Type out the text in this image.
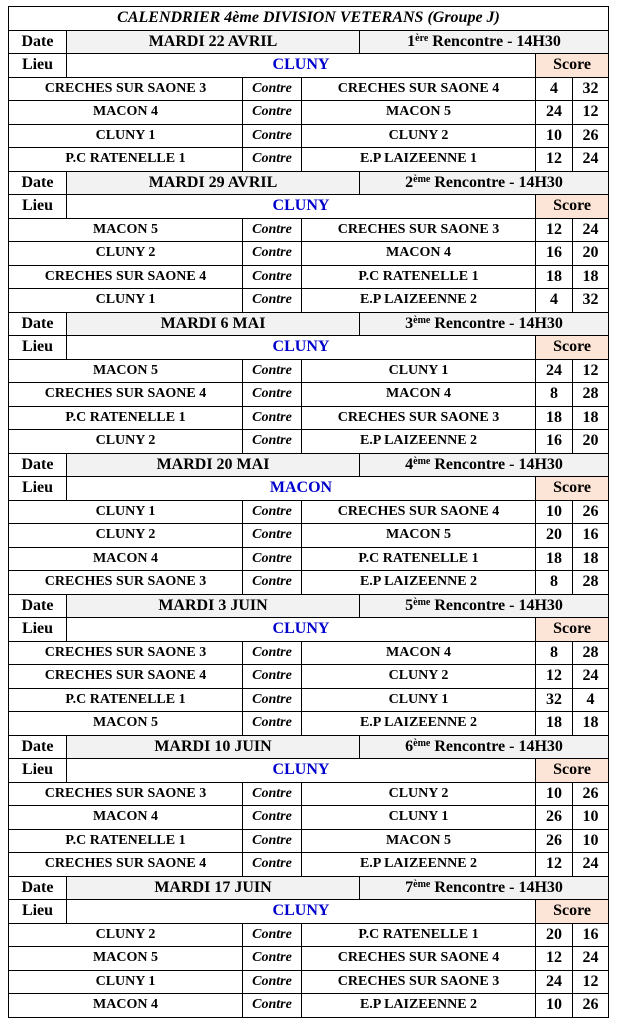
CALENDRIER 4ème DIVISION VETERANS (Groupe J)						
Date	MARDI 22 AVRIL			1ère Rencontre - 14H30		
Lieu	CLUNY				Score	
CRECHES SUR SAONE 3		Contre	CRECHES SUR SAONE 4		4	32
MACON 4		Contre	MACON 5		24	12
CLUNY 1		Contre	CLUNY 2		10	26
P.C RATENELLE 1		Contre	E.P LAIZEENNE 1		12	24
Date	MARDI 29 AVRIL			2ème Rencontre - 14H30		
Lieu	CLUNY				Score	
MACON 5		Contre	CRECHES SUR SAONE 3		12	24
CLUNY 2		Contre	MACON 4		16	20
CRECHES SUR SAONE 4		Contre	P.C RATENELLE 1		18	18
CLUNY 1		Contre	E.P LAIZEENNE 2		4	32
Date	MARDI 6 MAI			3ème Rencontre - 14H30		
Lieu	CLUNY				Score	
MACON 5		Contre	CLUNY 1		24	12
CRECHES SUR SAONE 4		Contre	MACON 4		8	28
P.C RATENELLE 1		Contre	CRECHES SUR SAONE 3		18	18
CLUNY 2		Contre	E.P LAIZEENNE 2		16	20
Date	MARDI 20 MAI			4ème Rencontre - 14H30		
Lieu	MACON				Score	
CLUNY 1		Contre	CRECHES SUR SAONE 4		10	26
CLUNY 2		Contre	MACON 5		20	16
MACON 4		Contre	P.C RATENELLE 1		18	18
CRECHES SUR SAONE 3		Contre	E.P LAIZEENNE 2		8	28
Date	MARDI 3 JUIN			5ème Rencontre - 14H30		
Lieu	CLUNY				Score	
CRECHES SUR SAONE 3		Contre	MACON 4		8	28
CRECHES SUR SAONE 4		Contre	CLUNY 2		12	24
P.C RATENELLE 1		Contre	CLUNY 1		32	4
MACON 5		Contre	E.P LAIZEENNE 2		18	18
Date	MARDI 10 JUIN			6ème Rencontre - 14H30		
Lieu	CLUNY				Score	
CRECHES SUR SAONE 3		Contre	CLUNY 2		10	26
MACON 4		Contre	CLUNY 1		26	10
P.C RATENELLE 1		Contre	MACON 5		26	10
CRECHES SUR SAONE 4		Contre	E.P LAIZEENNE 2		12	24
Date	MARDI 17 JUIN			7ème Rencontre - 14H30		
Lieu	CLUNY				Score	
CLUNY 2		Contre	P.C RATENELLE 1		20	16
MACON 5		Contre	CRECHES SUR SAONE 4		12	24
CLUNY 1		Contre	CRECHES SUR SAONE 3		24	12
MACON 4		Contre	E.P LAIZEENNE 2		10	26
